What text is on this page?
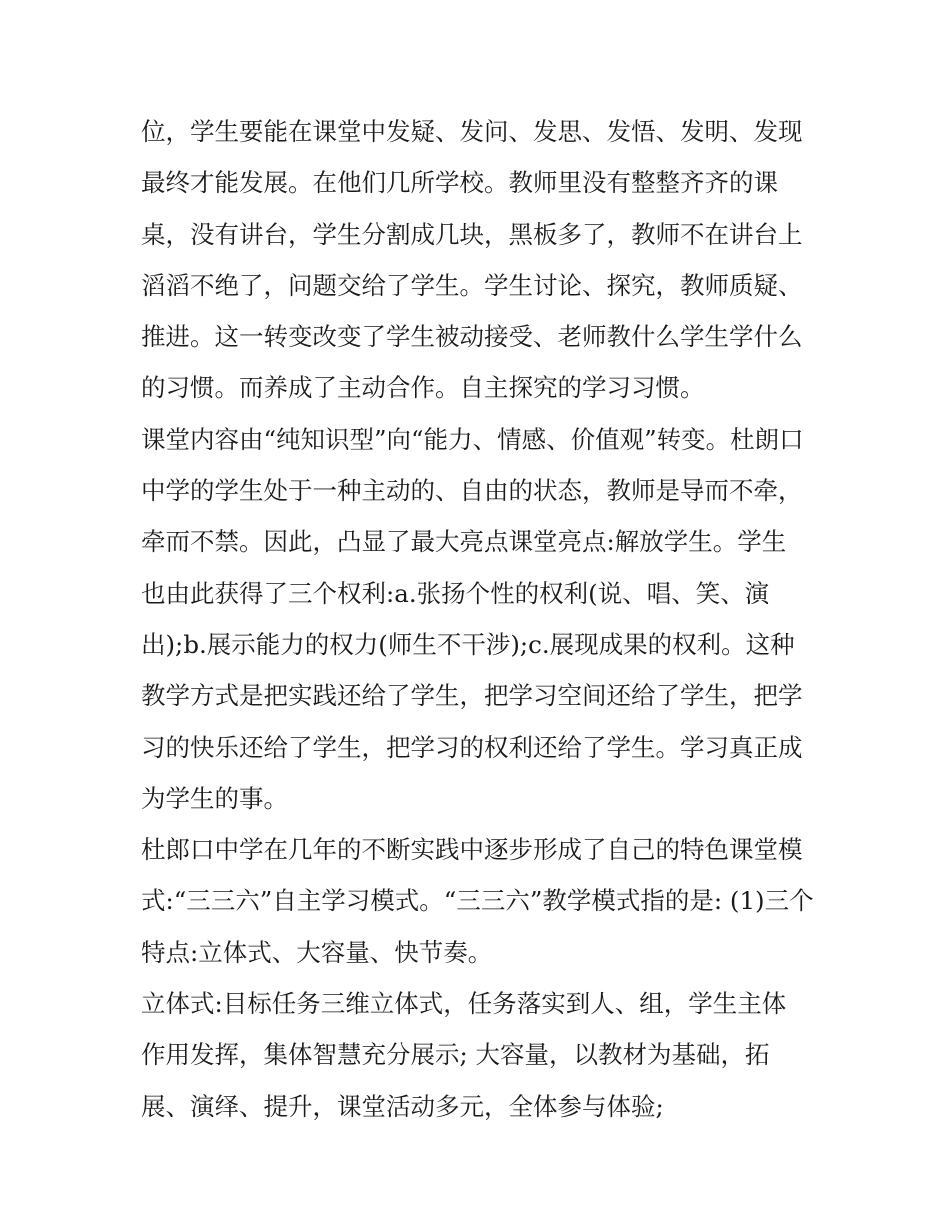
位，学生要能在课堂中发疑、发问、发思、发悟、发明、发现
最终才能发展。在他们几所学校。教师里没有整整齐齐的课
桌，没有讲台，学生分割成几块，黑板多了，教师不在讲台上
滔滔不绝了，问题交给了学生。学生讨论、探究，教师质疑、
推进。这一转变改变了学生被动接受、老师教什么学生学什么
的习惯。而养成了主动合作。自主探究的学习习惯。
课堂内容由“纯知识型”向“能力、情感、价值观”转变。杜朗口
中学的学生处于一种主动的、自由的状态，教师是导而不牵，
牵而不禁。因此，凸显了最大亮点课堂亮点:解放学生。学生
也由此获得了三个权利:a.张扬个性的权利(说、唱、笑、演
出);b.展示能力的权力(师生不干涉);c.展现成果的权利。这种
教学方式是把实践还给了学生，把学习空间还给了学生，把学
习的快乐还给了学生，把学习的权利还给了学生。学习真正成
为学生的事。
杜郎口中学在几年的不断实践中逐步形成了自己的特色课堂模
式:“三三六”自主学习模式。“三三六”教学模式指的是: (1)三个
特点:立体式、大容量、快节奏。
立体式:目标任务三维立体式，任务落实到人、组，学生主体
作用发挥，集体智慧充分展示; 大容量，以教材为基础，拓
展、演绎、提升，课堂活动多元，全体参与体验;
